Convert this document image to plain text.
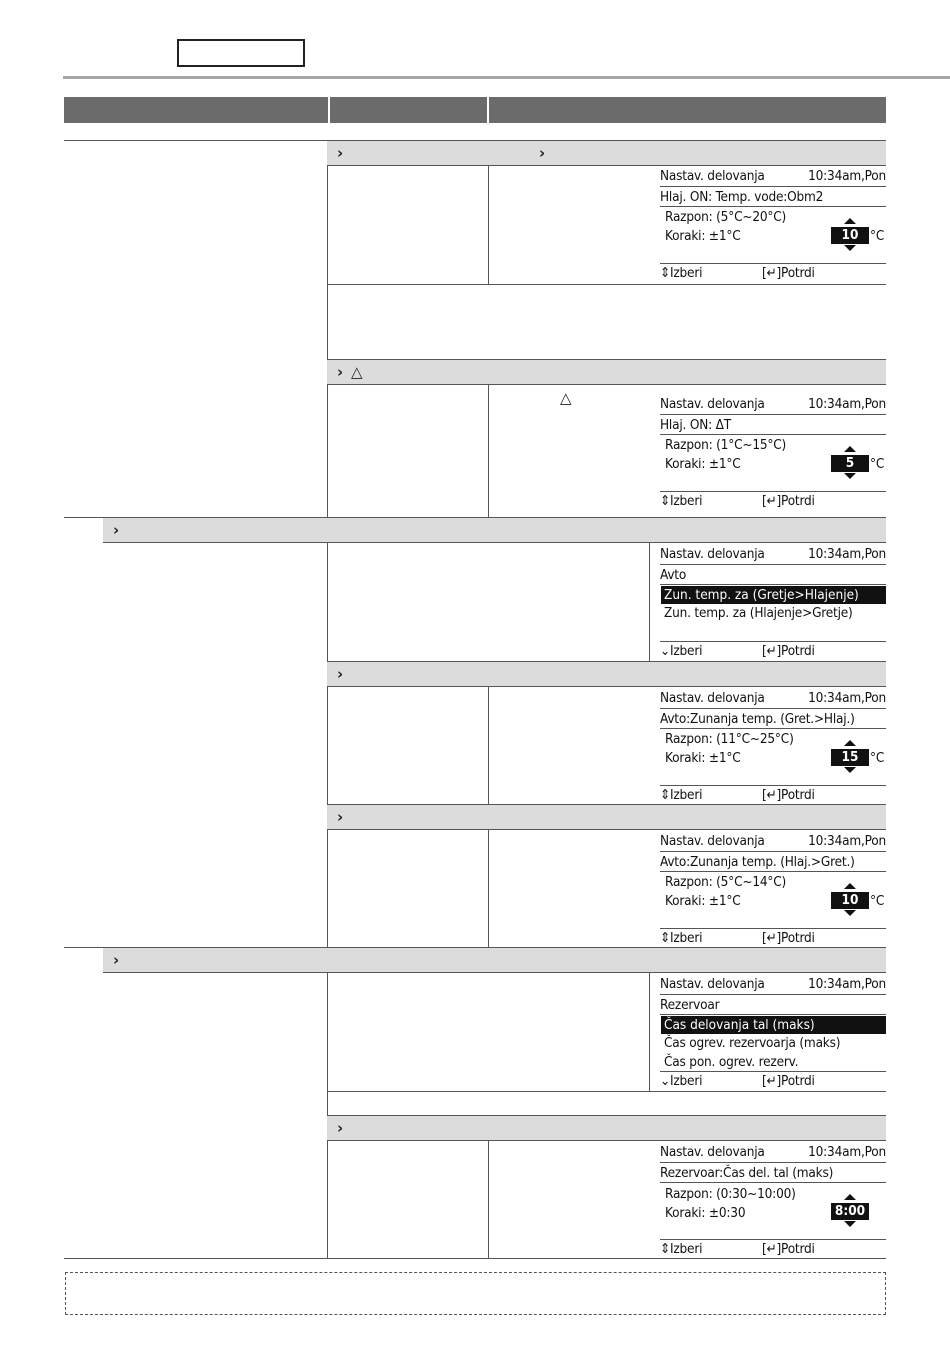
›	›
› △
△
›
›
›
›
›
Nastav. delovanja	10:34am,Pon
Hlaj. ON: Temp. vode:Obm2
Razpon: (5°C~20°C)
Koraki: ±1°C	10 °C
⇕Izberi	[↵]Potrdi
Nastav. delovanja	10:34am,Pon
Hlaj. ON: ΔT
Razpon: (1°C~15°C)
Koraki: ±1°C	5	°C
⇕Izberi	[↵]Potrdi
Nastav. delovanja	10:34am,Pon
Avto
Zun. temp. za (Gretje>Hlajenje)
Zun. temp. za (Hlajenje>Gretje)
⌄Izberi	[↵]Potrdi
Nastav. delovanja	10:34am,Pon
Avto:Zunanja temp. (Gret.>Hlaj.)
Razpon: (11°C~25°C)
Koraki: ±1°C	15 °C
⇕Izberi	[↵]Potrdi
Nastav. delovanja	10:34am,Pon
Avto:Zunanja temp. (Hlaj.>Gret.)
Razpon: (5°C~14°C)
Koraki: ±1°C	10 °C
⇕Izberi	[↵]Potrdi
Nastav. delovanja	10:34am,Pon
Rezervoar
Čas delovanja tal (maks)
Čas ogrev. rezervoarja (maks)
Čas pon. ogrev. rezerv.
⌄Izberi	[↵]Potrdi
Nastav. delovanja	10:34am,Pon
Rezervoar:Čas del. tal (maks)
Razpon: (0:30~10:00)
Koraki: ±0:30	8:00
⇕Izberi	[↵]Potrdi
